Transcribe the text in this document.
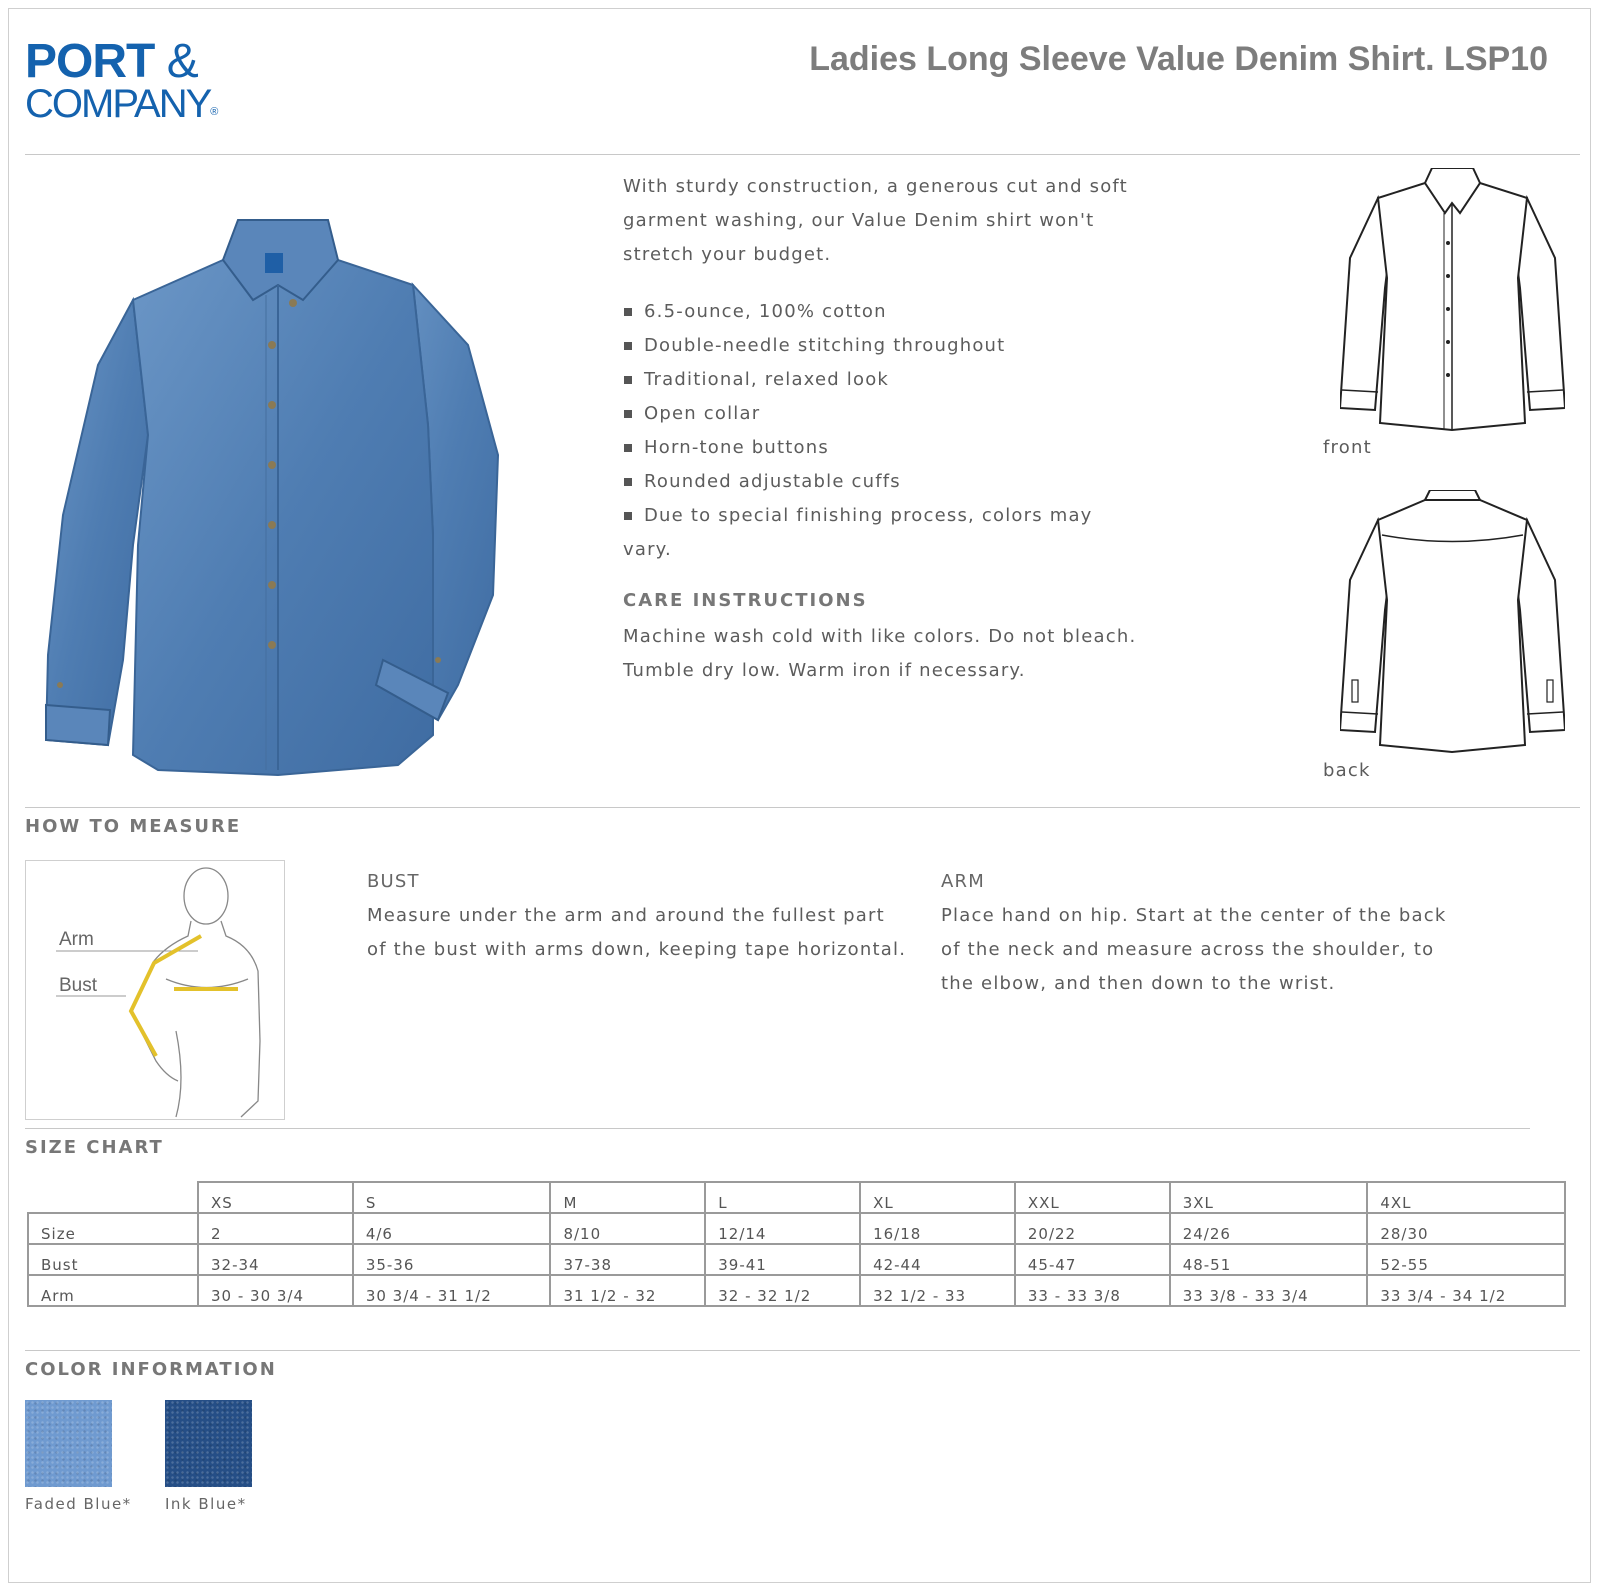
PORT &
COMPANY®
Ladies Long Sleeve Value Denim Shirt. LSP10
With sturdy construction, a generous cut and soft garment washing, our Value Denim shirt won't stretch your budget.
6.5-ounce, 100% cotton
Double-needle stitching throughout
Traditional, relaxed look
Open collar
Horn-tone buttons
Rounded adjustable cuffs
Due to special finishing process, colors may vary.
CARE INSTRUCTIONS
Machine wash cold with like colors. Do not bleach. Tumble dry low. Warm iron if necessary.
front
back
HOW TO MEASURE
Arm
Bust
BUST
Measure under the arm and around the fullest part of the bust with arms down, keeping tape horizontal.
ARM
Place hand on hip. Start at the center of the back of the neck and measure across the shoulder, to the elbow, and then down to the wrist.
SIZE CHART
	XS	S	M	L	XL	XXL	3XL	4XL
Size	2	4/6	8/10	12/14	16/18	20/22	24/26	28/30
Bust	32-34	35-36	37-38	39-41	42-44	45-47	48-51	52-55
Arm	30 - 30 3/4	30 3/4 - 31 1/2	31 1/2 - 32	32 - 32 1/2	32 1/2 - 33	33 - 33 3/8	33 3/8 - 33 3/4	33 3/4 - 34 1/2
COLOR INFORMATION
Faded Blue* Ink Blue*
